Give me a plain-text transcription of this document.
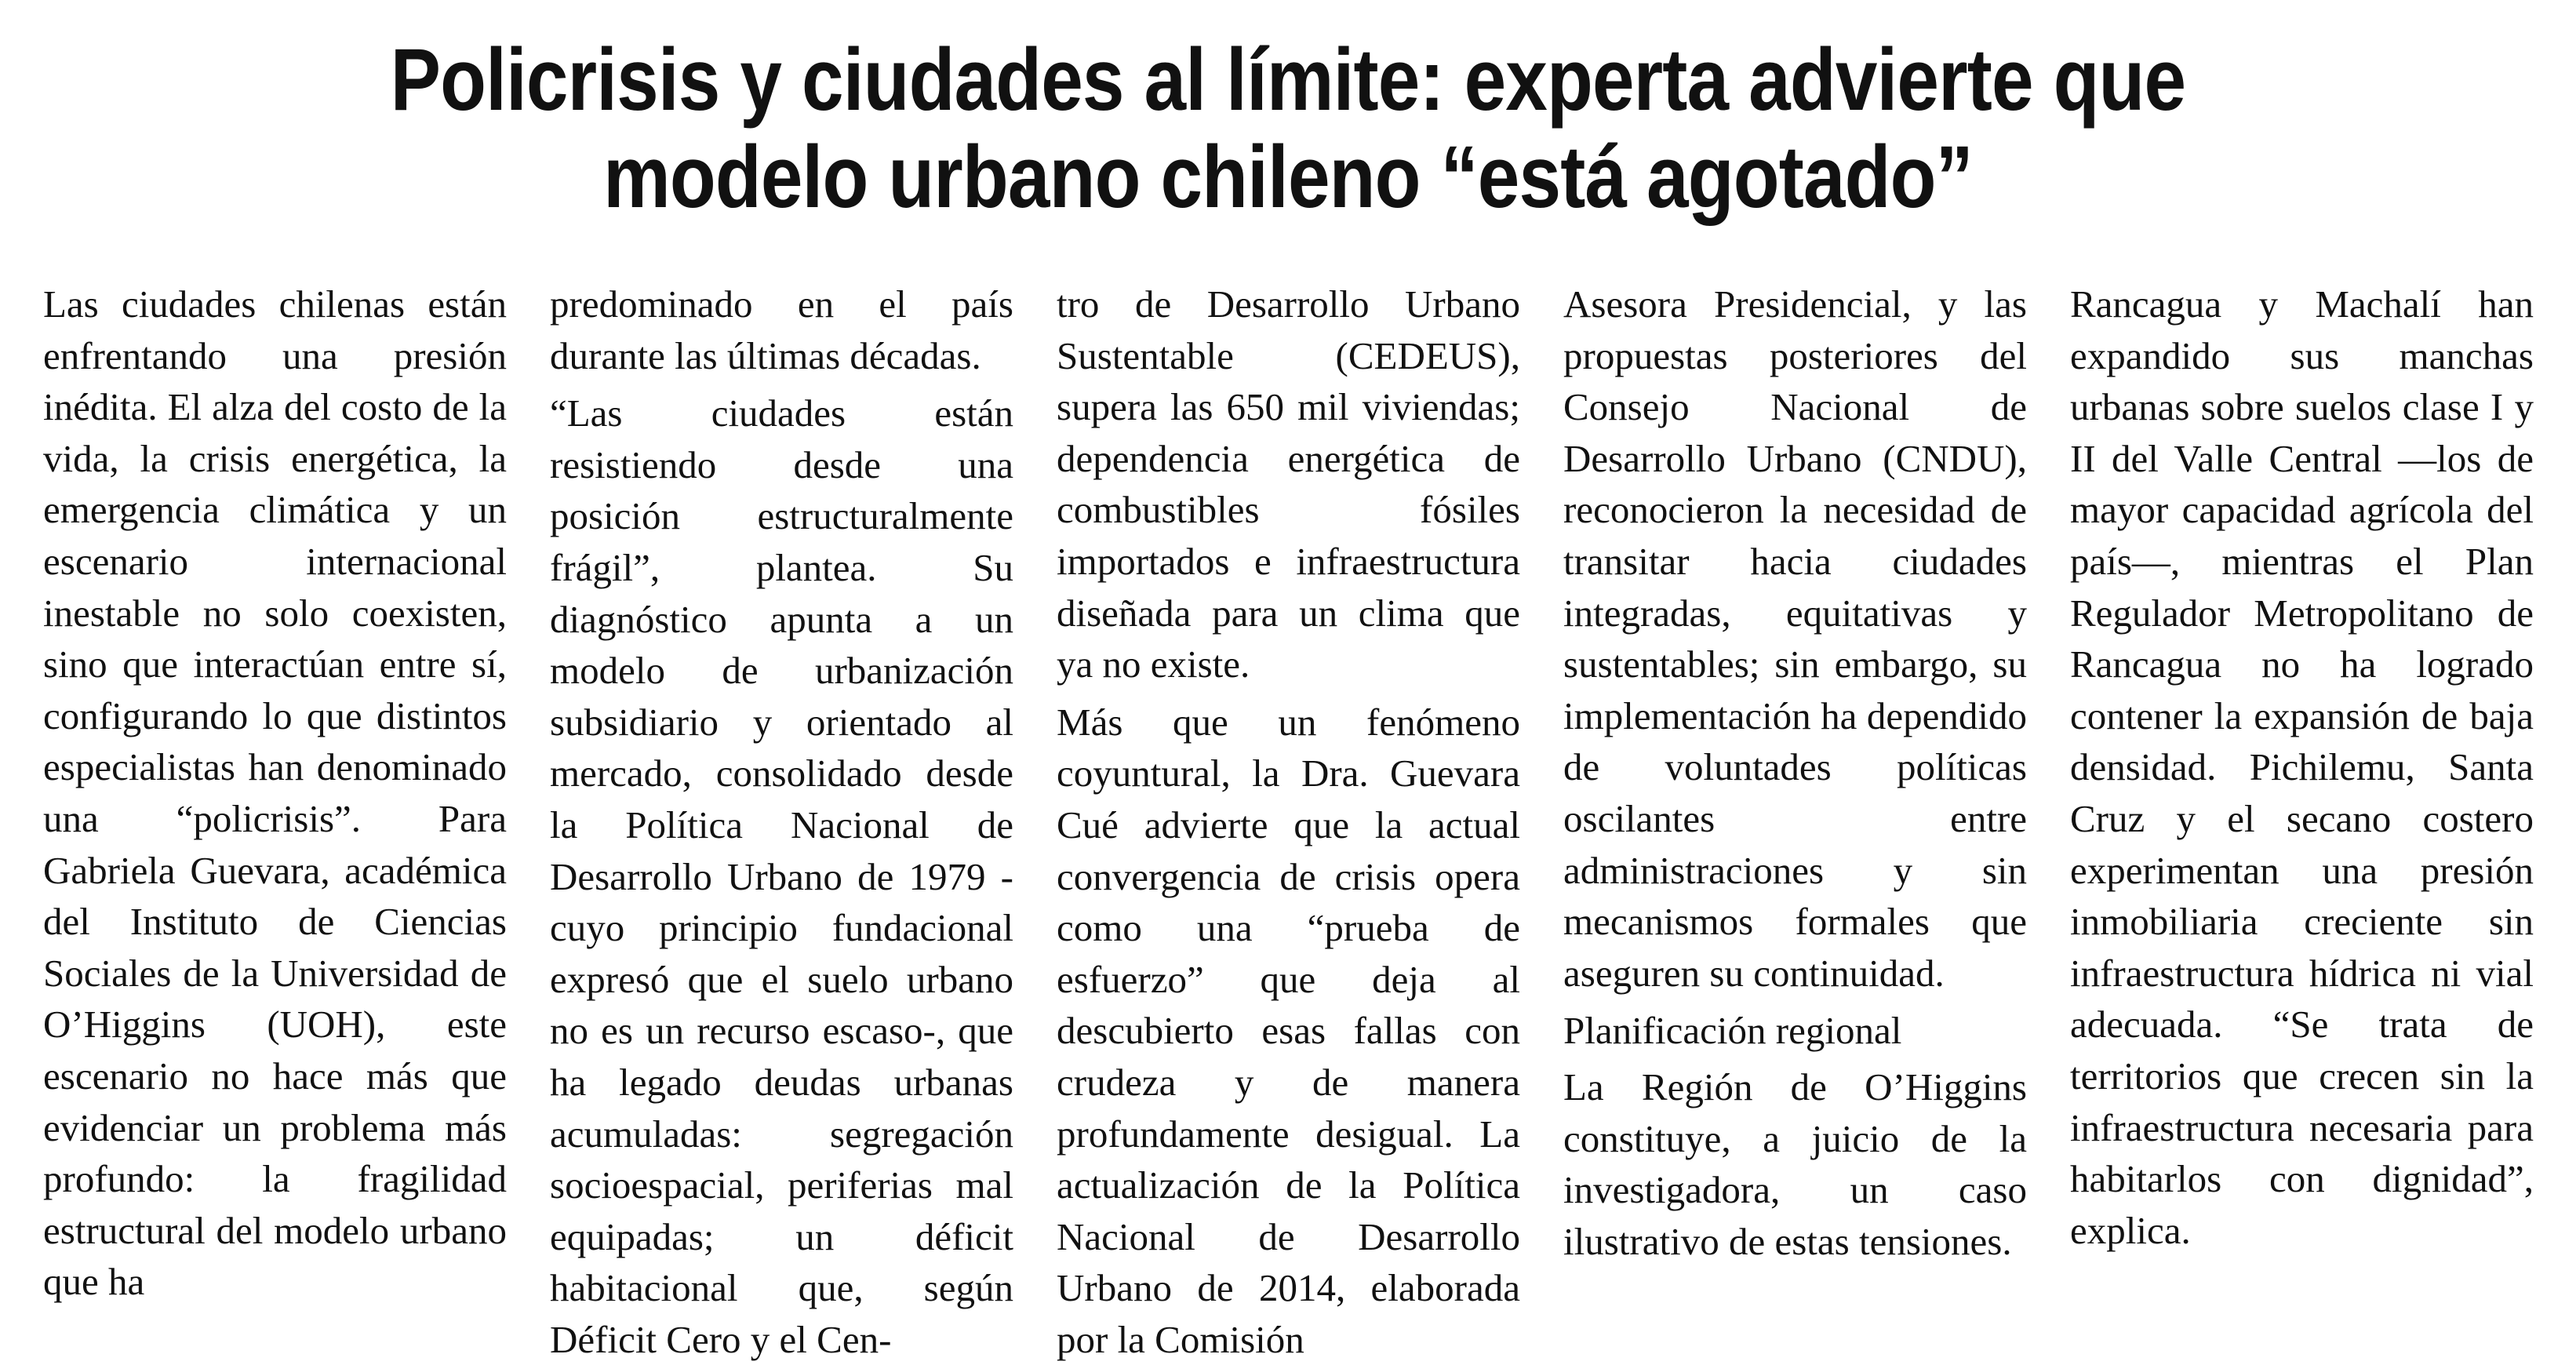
Policrisis y ciudades al límite: experta advierte que
modelo urbano chileno “está agotado”

Las ciudades chilenas están enfrentando una presión inédita. El alza del costo de la vida, la crisis energética, la emergencia climática y un escenario internacional inestable no solo coexisten, sino que interactúan entre sí, configurando lo que distintos especialistas han denominado una “policrisis”. Para Gabriela Guevara, académica del Instituto de Ciencias Sociales de la Universidad de O’Higgins (UOH), este escenario no hace más que evidenciar un problema más profundo: la fragilidad estructural del modelo urbano que ha

predominado en el país durante las últimas décadas.

“Las ciudades están resistiendo desde una posición estructuralmente frágil”, plantea. Su diagnóstico apunta a un modelo de urbanización subsidiario y orientado al mercado, consolidado desde la Política Nacional de Desarrollo Urbano de 1979 -cuyo principio fundacional expresó que el suelo urbano no es un recurso escaso-, que ha legado deudas urbanas acumuladas: segregación socioespacial, periferias mal equipadas; un déficit habitacional que, según Déficit Cero y el Cen-

tro de Desarrollo Urbano Sustentable (CEDEUS), supera las 650 mil viviendas; dependencia energética de combustibles fósiles importados e infraestructura diseñada para un clima que ya no existe.

Más que un fenómeno coyuntural, la Dra. Guevara Cué advierte que la actual convergencia de crisis opera como una “prueba de esfuerzo” que deja al descubierto esas fallas con crudeza y de manera profundamente desigual. La actualización de la Política Nacional de Desarrollo Urbano de 2014, elaborada por la Comisión

Asesora Presidencial, y las propuestas posteriores del Consejo Nacional de Desarrollo Urbano (CNDU), reconocieron la necesidad de transitar hacia ciudades integradas, equitativas y sustentables; sin embargo, su implementación ha dependido de voluntades políticas oscilantes entre administraciones y sin mecanismos formales que aseguren su continuidad.

Planificación regional

La Región de O’Higgins constituye, a juicio de la investigadora, un caso ilustrativo de estas tensiones.

Rancagua y Machalí han expandido sus manchas urbanas sobre suelos clase I y II del Valle Central —los de mayor capacidad agrícola del país—, mientras el Plan Regulador Metropolitano de Rancagua no ha logrado contener la expansión de baja densidad. Pichilemu, Santa Cruz y el secano costero experimentan una presión inmobiliaria creciente sin infraestructura hídrica ni vial adecuada. “Se trata de territorios que crecen sin la infraestructura necesaria para habitarlos con dignidad”, explica.
